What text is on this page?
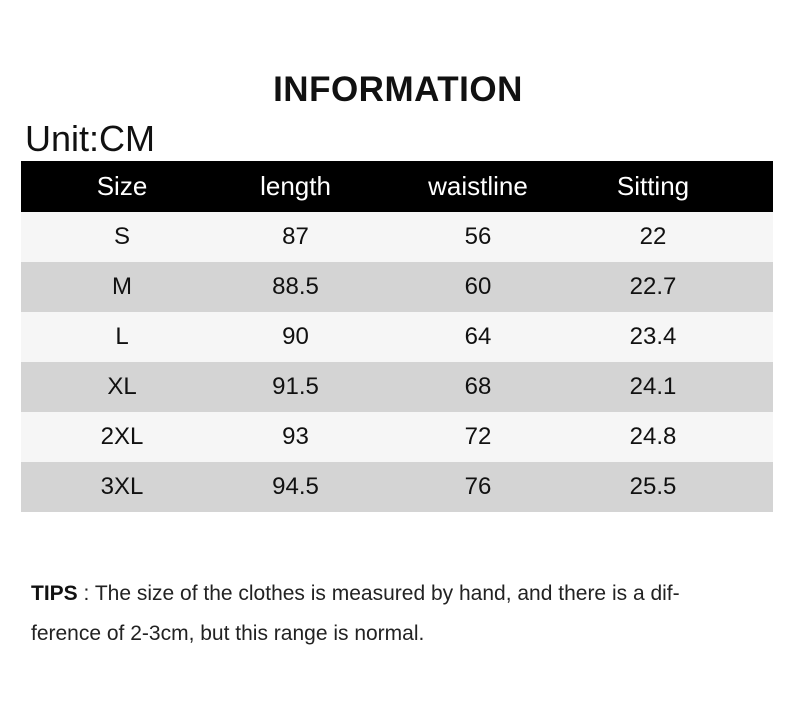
INFORMATION
Unit:CM
Size	length	waistline	Sitting	
S	87	56	22	
M	88.5	60	22.7	
L	90	64	23.4	
XL	91.5	68	24.1	
2XL	93	72	24.8	
3XL	94.5	76	25.5	
TIPS : The size of the clothes is measured by hand, and there is a dif-
ference of 2-3cm, but this range is normal.
